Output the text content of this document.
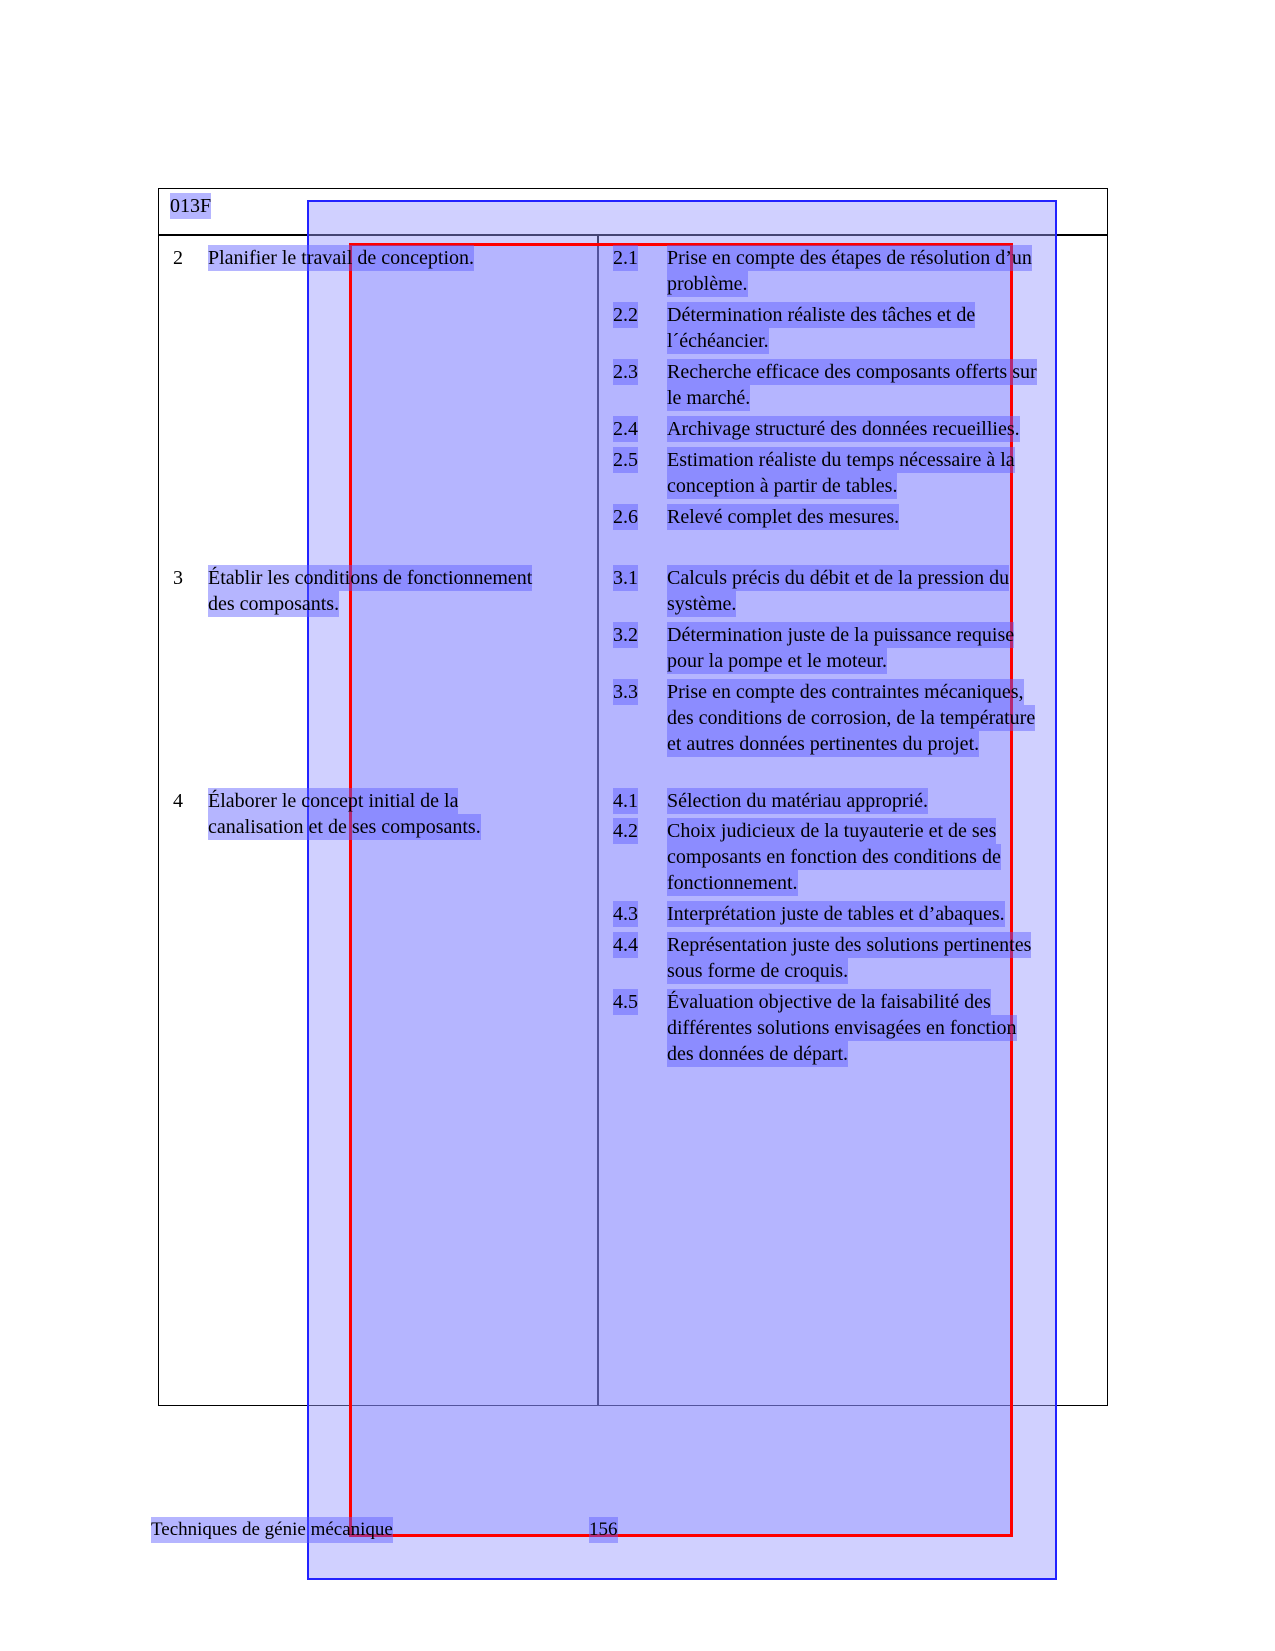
013F
2 Planifier le travail de conception.	2.1 Prise en compte des étapes de résolution d’un
problème.
2.2 Détermination réaliste des tâches et de
l´échéancier.
2.3 Recherche efficace des composants offerts sur
le marché.
2.4 Archivage structuré des données recueillies.
2.5 Estimation réaliste du temps nécessaire à la
conception à partir de tables.
2.6 Relevé complet des mesures.
3 Établir les conditions de fonctionnement
des composants.
3.1 Calculs précis du débit et de la pression du
système.
3.2 Détermination juste de la puissance requise
pour la pompe et le moteur.
3.3 Prise en compte des contraintes mécaniques,
des conditions de corrosion, de la température
et autres données pertinentes du projet.
4 Élaborer le concept initial de la
canalisation et de ses composants.
4.1 Sélection du matériau approprié.
4.2 Choix judicieux de la tuyauterie et de ses
composants en fonction des conditions de
fonctionnement.
4.3 Interprétation juste de tables et d’abaques.
4.4 Représentation juste des solutions pertinentes
sous forme de croquis.
4.5 Évaluation objective de la faisabilité des
différentes solutions envisagées en fonction
des données de départ.
Techniques de génie mécanique	156
